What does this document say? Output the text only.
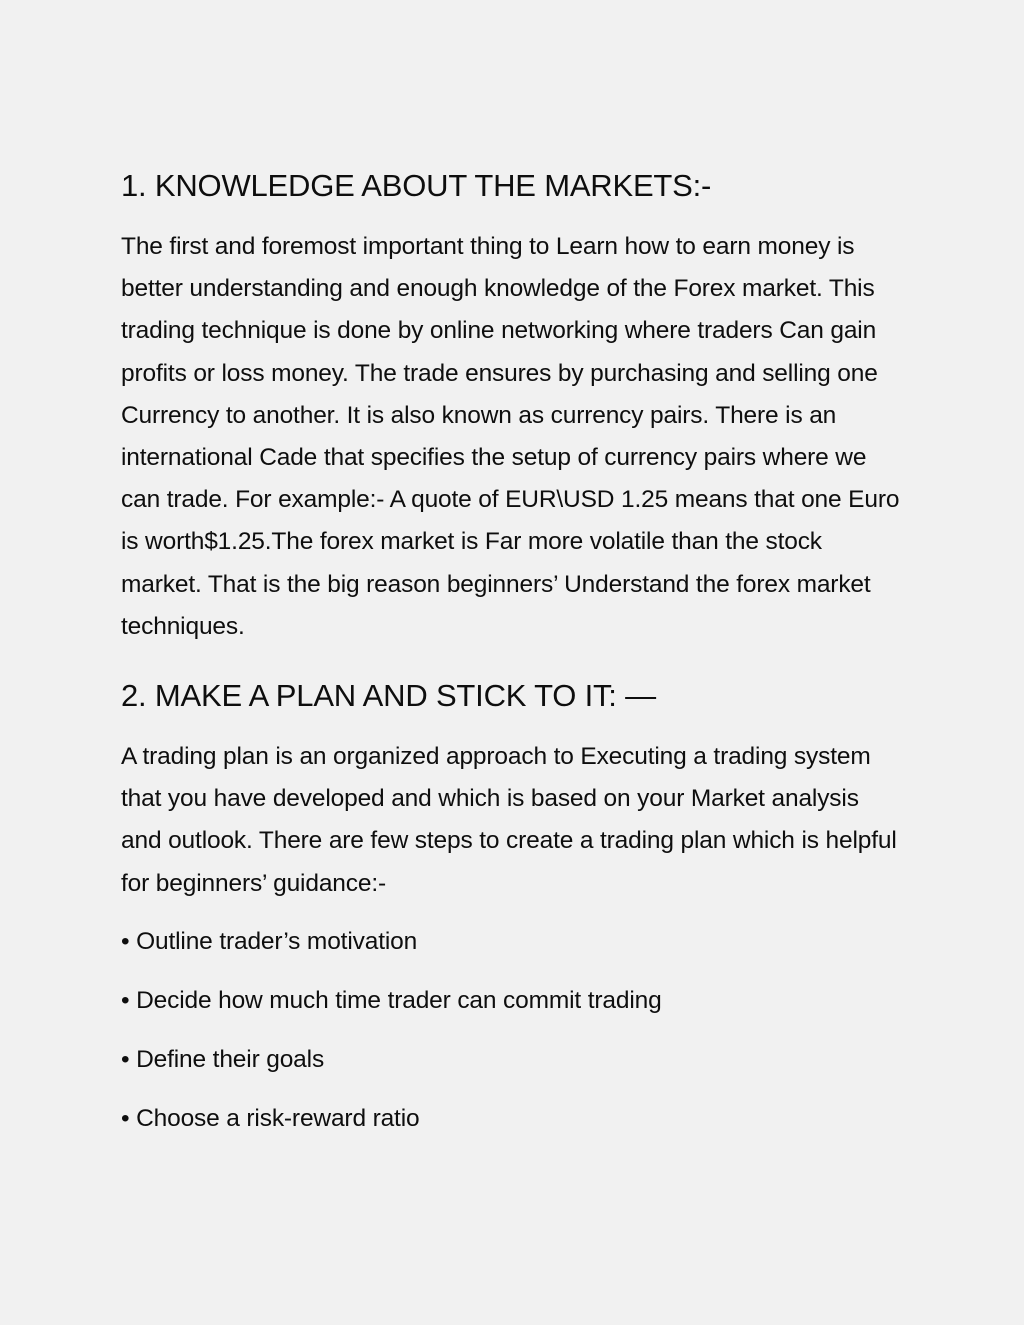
1. KNOWLEDGE ABOUT THE MARKETS:-

The first and foremost important thing to Learn how to earn money is better understanding and enough knowledge of the Forex market. This trading technique is done by online networking where traders Can gain profits or loss money. The trade ensures by purchasing and selling one Currency to another. It is also known as currency pairs. There is an international Cade that specifies the setup of currency pairs where we can trade. For example:- A quote of EUR\USD 1.25 means that one Euro is worth$1.25.The forex market is Far more volatile than the stock market. That is the big reason beginners’ Understand the forex market techniques.

2. MAKE A PLAN AND STICK TO IT: —

A trading plan is an organized approach to Executing a trading system that you have developed and which is based on your Market analysis and outlook. There are few steps to create a trading plan which is helpful for beginners’ guidance:-

• Outline trader’s motivation
• Decide how much time trader can commit trading
• Define their goals
• Choose a risk-reward ratio
